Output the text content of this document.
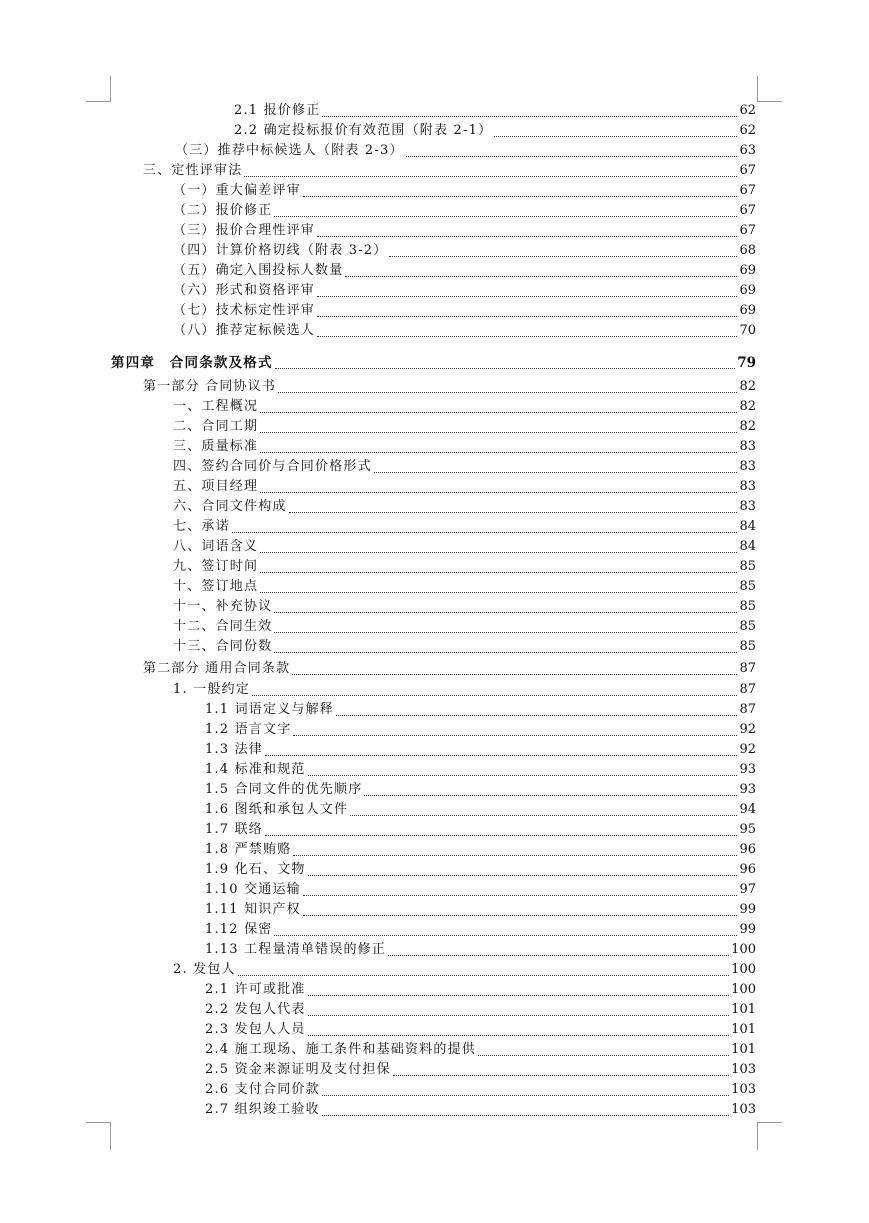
2.1 报价修正	62
2.2 确定投标报价有效范围（附表 2-1）	62
（三）推荐中标候选人（附表 2-3）	63
三、定性评审法	67
（一）重大偏差评审	67
（二）报价修正	67
（三）报价合理性评审	67
（四）计算价格切线（附表 3-2）	68
（五）确定入围投标人数量	69
（六）形式和资格评审	69
（七）技术标定性评审	69
（八）推荐定标候选人	70
第四章　合同条款及格式	79
第一部分 合同协议书	82
一、工程概况	82
二、合同工期	82
三、质量标准	83
四、签约合同价与合同价格形式	83
五、项目经理	83
六、合同文件构成	83
七、承诺	84
八、词语含义	84
九、签订时间	85
十、签订地点	85
十一、补充协议	85
十二、合同生效	85
十三、合同份数	85
第二部分 通用合同条款	87
1. 一般约定	87
1.1 词语定义与解释	87
1.2 语言文字	92
1.3 法律	92
1.4 标准和规范	93
1.5 合同文件的优先顺序	93
1.6 图纸和承包人文件	94
1.7 联络	95
1.8 严禁贿赂	96
1.9 化石、文物	96
1.10 交通运输	97
1.11 知识产权	99
1.12 保密	99
1.13 工程量清单错误的修正	100
2. 发包人	100
2.1 许可或批准	100
2.2 发包人代表	101
2.3 发包人人员	101
2.4 施工现场、施工条件和基础资料的提供	101
2.5 资金来源证明及支付担保	103
2.6 支付合同价款	103
2.7 组织竣工验收	103
